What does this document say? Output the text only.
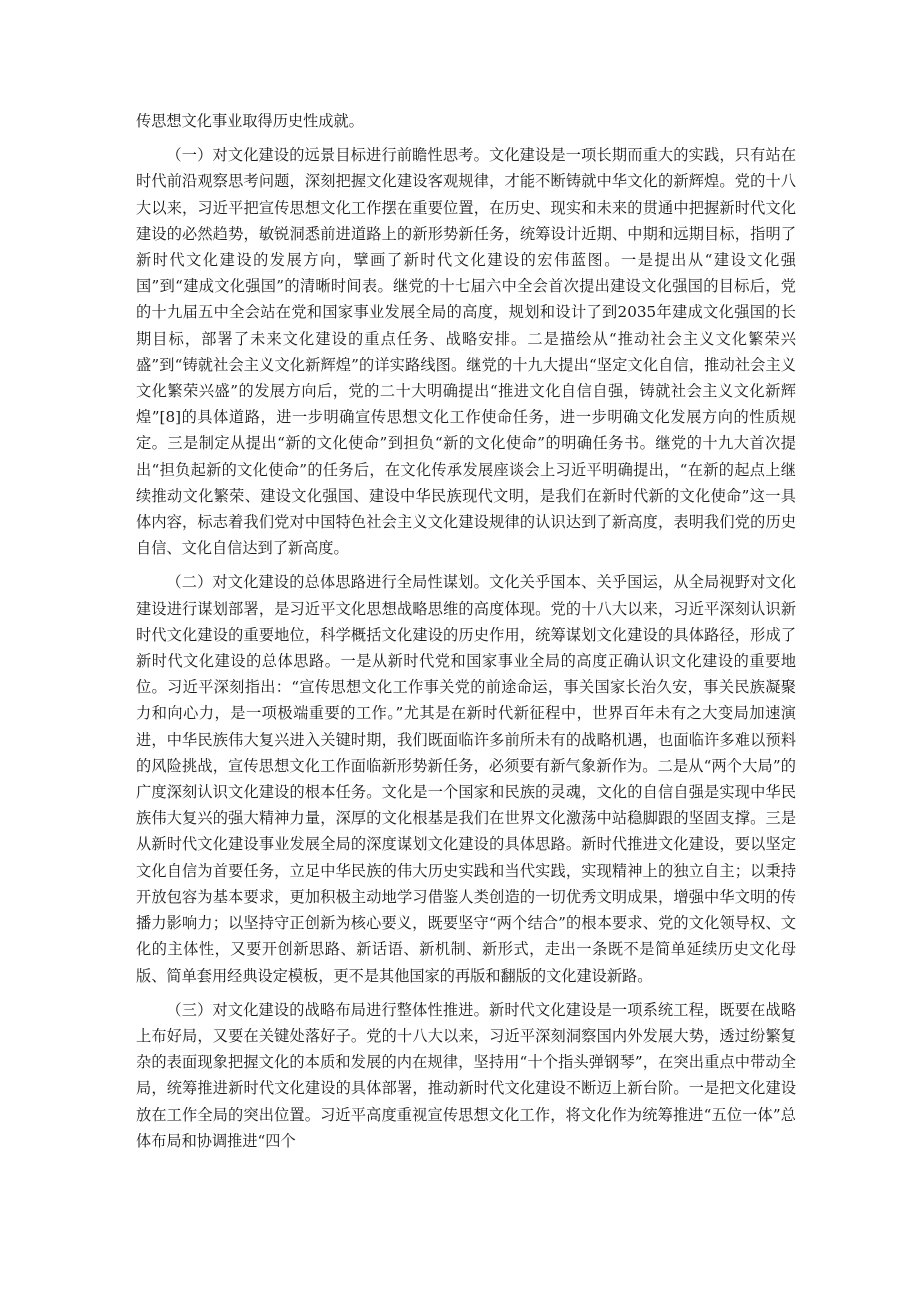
传思想文化事业取得历史性成就。

（一）对文化建设的远景目标进行前瞻性思考。文化建设是一项长期而重大的实践，只有站在时代前沿观察思考问题，深刻把握文化建设客观规律，才能不断铸就中华文化的新辉煌。党的十八大以来，习近平把宣传思想文化工作摆在重要位置，在历史、现实和未来的贯通中把握新时代文化建设的必然趋势，敏锐洞悉前进道路上的新形势新任务，统筹设计近期、中期和远期目标，指明了新时代文化建设的发展方向，擘画了新时代文化建设的宏伟蓝图。一是提出从“建设文化强国”到“建成文化强国”的清晰时间表。继党的十七届六中全会首次提出建设文化强国的目标后，党的十九届五中全会站在党和国家事业发展全局的高度，规划和设计了到2035年建成文化强国的长期目标，部署了未来文化建设的重点任务、战略安排。二是描绘从“推动社会主义文化繁荣兴盛”到“铸就社会主义文化新辉煌”的详实路线图。继党的十九大提出“坚定文化自信，推动社会主义文化繁荣兴盛”的发展方向后，党的二十大明确提出“推进文化自信自强，铸就社会主义文化新辉煌”[8]的具体道路，进一步明确宣传思想文化工作使命任务，进一步明确文化发展方向的性质规定。三是制定从提出“新的文化使命”到担负“新的文化使命”的明确任务书。继党的十九大首次提出“担负起新的文化使命”的任务后，在文化传承发展座谈会上习近平明确提出，“在新的起点上继续推动文化繁荣、建设文化强国、建设中华民族现代文明，是我们在新时代新的文化使命”这一具体内容，标志着我们党对中国特色社会主义文化建设规律的认识达到了新高度，表明我们党的历史自信、文化自信达到了新高度。

（二）对文化建设的总体思路进行全局性谋划。文化关乎国本、关乎国运，从全局视野对文化建设进行谋划部署，是习近平文化思想战略思维的高度体现。党的十八大以来，习近平深刻认识新时代文化建设的重要地位，科学概括文化建设的历史作用，统筹谋划文化建设的具体路径，形成了新时代文化建设的总体思路。一是从新时代党和国家事业全局的高度正确认识文化建设的重要地位。习近平深刻指出：“宣传思想文化工作事关党的前途命运，事关国家长治久安，事关民族凝聚力和向心力，是一项极端重要的工作。”尤其是在新时代新征程中，世界百年未有之大变局加速演进，中华民族伟大复兴进入关键时期，我们既面临许多前所未有的战略机遇，也面临许多难以预料的风险挑战，宣传思想文化工作面临新形势新任务，必须要有新气象新作为。二是从“两个大局”的广度深刻认识文化建设的根本任务。文化是一个国家和民族的灵魂，文化的自信自强是实现中华民族伟大复兴的强大精神力量，深厚的文化根基是我们在世界文化激荡中站稳脚跟的坚固支撑。三是从新时代文化建设事业发展全局的深度谋划文化建设的具体思路。新时代推进文化建设，要以坚定文化自信为首要任务，立足中华民族的伟大历史实践和当代实践，实现精神上的独立自主；以秉持开放包容为基本要求，更加积极主动地学习借鉴人类创造的一切优秀文明成果，增强中华文明的传播力影响力；以坚持守正创新为核心要义，既要坚守“两个结合”的根本要求、党的文化领导权、文化的主体性，又要开创新思路、新话语、新机制、新形式，走出一条既不是简单延续历史文化母版、简单套用经典设定模板，更不是其他国家的再版和翻版的文化建设新路。

（三）对文化建设的战略布局进行整体性推进。新时代文化建设是一项系统工程，既要在战略上布好局，又要在关键处落好子。党的十八大以来，习近平深刻洞察国内外发展大势，透过纷繁复杂的表面现象把握文化的本质和发展的内在规律，坚持用“十个指头弹钢琴”，在突出重点中带动全局，统筹推进新时代文化建设的具体部署，推动新时代文化建设不断迈上新台阶。一是把文化建设放在工作全局的突出位置。习近平高度重视宣传思想文化工作，将文化作为统筹推进“五位一体”总体布局和协调推进“四个
